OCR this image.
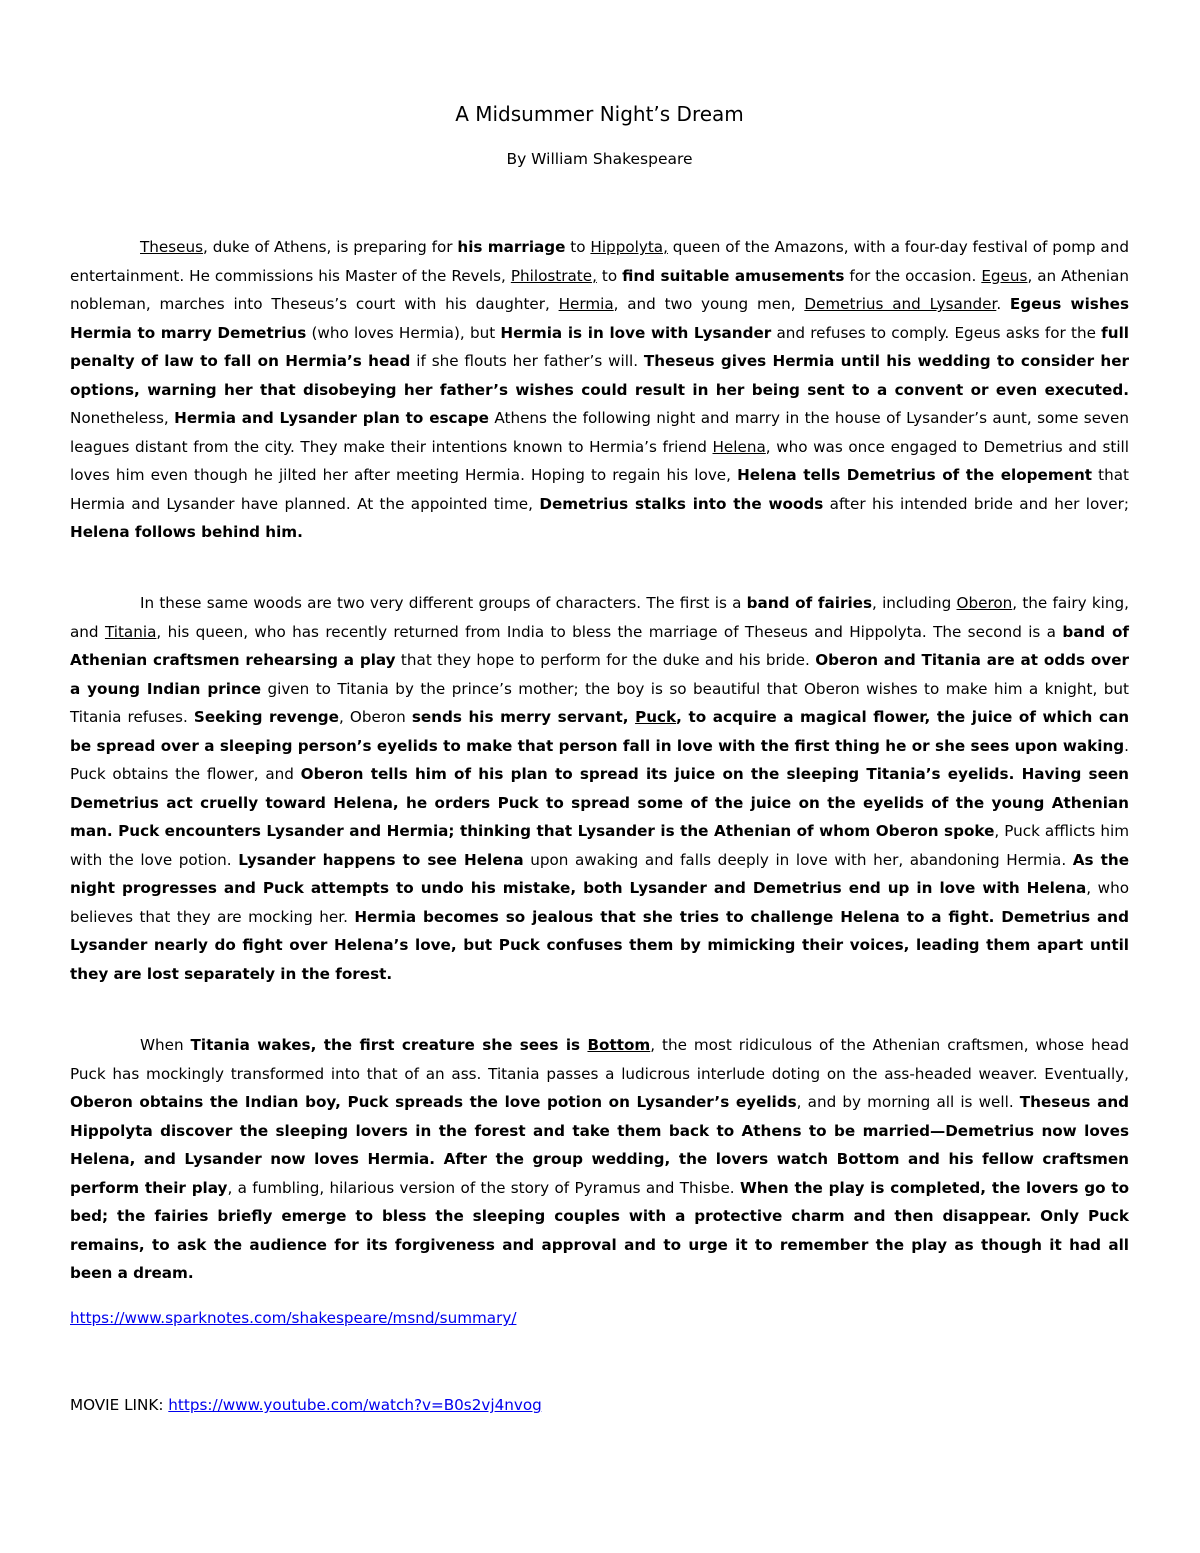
A Midsummer Night’s Dream
By William Shakespeare

Theseus, duke of Athens, is preparing for his marriage to Hippolyta, queen of the Amazons, with a four-day festival of pomp and entertainment. He commissions his Master of the Revels, Philostrate, to find suitable amusements for the occasion. Egeus, an Athenian nobleman, marches into Theseus’s court with his daughter, Hermia, and two young men, Demetrius and Lysander. Egeus wishes Hermia to marry Demetrius (who loves Hermia), but Hermia is in love with Lysander and refuses to comply. Egeus asks for the full penalty of law to fall on Hermia’s head if she flouts her father’s will. Theseus gives Hermia until his wedding to consider her options, warning her that disobeying her father’s wishes could result in her being sent to a convent or even executed. Nonetheless, Hermia and Lysander plan to escape Athens the following night and marry in the house of Lysander’s aunt, some seven leagues distant from the city. They make their intentions known to Hermia’s friend Helena, who was once engaged to Demetrius and still loves him even though he jilted her after meeting Hermia. Hoping to regain his love, Helena tells Demetrius of the elopement that Hermia and Lysander have planned. At the appointed time, Demetrius stalks into the woods after his intended bride and her lover; Helena follows behind him.

In these same woods are two very different groups of characters. The first is a band of fairies, including Oberon, the fairy king, and Titania, his queen, who has recently returned from India to bless the marriage of Theseus and Hippolyta. The second is a band of Athenian craftsmen rehearsing a play that they hope to perform for the duke and his bride. Oberon and Titania are at odds over a young Indian prince given to Titania by the prince’s mother; the boy is so beautiful that Oberon wishes to make him a knight, but Titania refuses. Seeking revenge, Oberon sends his merry servant, Puck, to acquire a magical flower, the juice of which can be spread over a sleeping person’s eyelids to make that person fall in love with the first thing he or she sees upon waking. Puck obtains the flower, and Oberon tells him of his plan to spread its juice on the sleeping Titania’s eyelids. Having seen Demetrius act cruelly toward Helena, he orders Puck to spread some of the juice on the eyelids of the young Athenian man. Puck encounters Lysander and Hermia; thinking that Lysander is the Athenian of whom Oberon spoke, Puck afflicts him with the love potion. Lysander happens to see Helena upon awaking and falls deeply in love with her, abandoning Hermia. As the night progresses and Puck attempts to undo his mistake, both Lysander and Demetrius end up in love with Helena, who believes that they are mocking her. Hermia becomes so jealous that she tries to challenge Helena to a fight. Demetrius and Lysander nearly do fight over Helena’s love, but Puck confuses them by mimicking their voices, leading them apart until they are lost separately in the forest.

When Titania wakes, the first creature she sees is Bottom, the most ridiculous of the Athenian craftsmen, whose head Puck has mockingly transformed into that of an ass. Titania passes a ludicrous interlude doting on the ass-headed weaver. Eventually, Oberon obtains the Indian boy, Puck spreads the love potion on Lysander’s eyelids, and by morning all is well. Theseus and Hippolyta discover the sleeping lovers in the forest and take them back to Athens to be married—Demetrius now loves Helena, and Lysander now loves Hermia. After the group wedding, the lovers watch Bottom and his fellow craftsmen perform their play, a fumbling, hilarious version of the story of Pyramus and Thisbe. When the play is completed, the lovers go to bed; the fairies briefly emerge to bless the sleeping couples with a protective charm and then disappear. Only Puck remains, to ask the audience for its forgiveness and approval and to urge it to remember the play as though it had all been a dream.

https://www.sparknotes.com/shakespeare/msnd/summary/
MOVIE LINK: https://www.youtube.com/watch?v=B0s2vj4nvog
